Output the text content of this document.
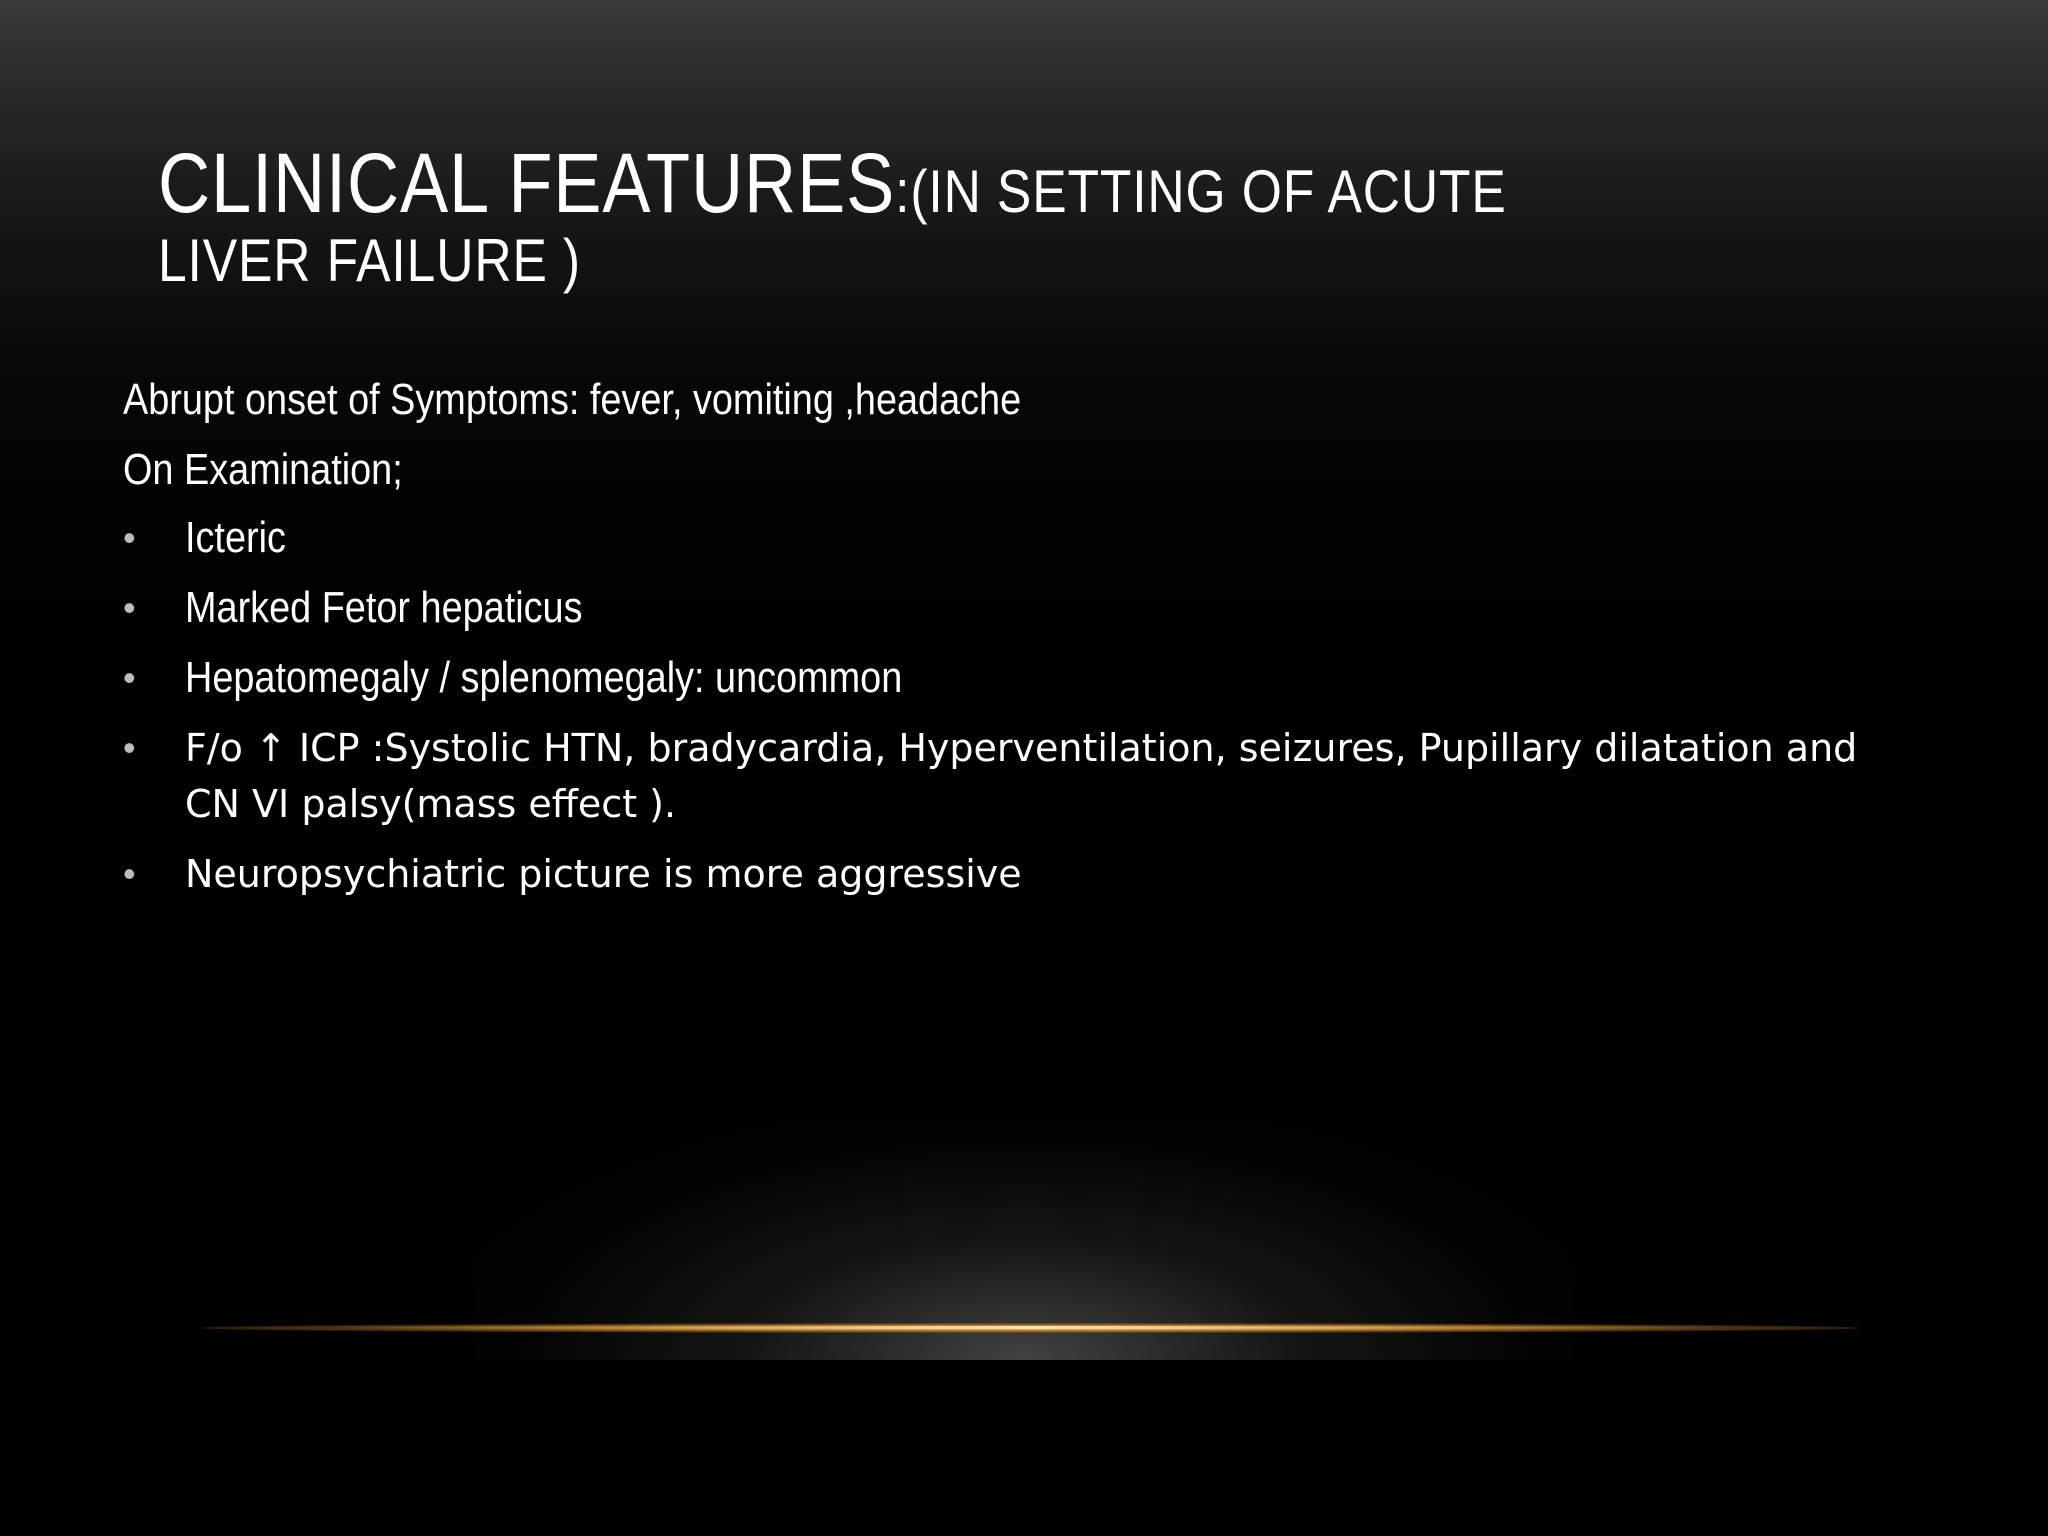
CLINICAL FEATURES:(IN SETTING OF ACUTE LIVER FAILURE )
Abrupt onset of Symptoms: fever, vomiting ,headache
On Examination;
• Icteric
• Marked Fetor hepaticus
• Hepatomegaly / splenomegaly: uncommon
• F/o ↑ ICP :Systolic HTN, bradycardia, Hyperventilation, seizures, Pupillary dilatation and CN VI palsy(mass effect ).
• Neuropsychiatric picture is more aggressive
